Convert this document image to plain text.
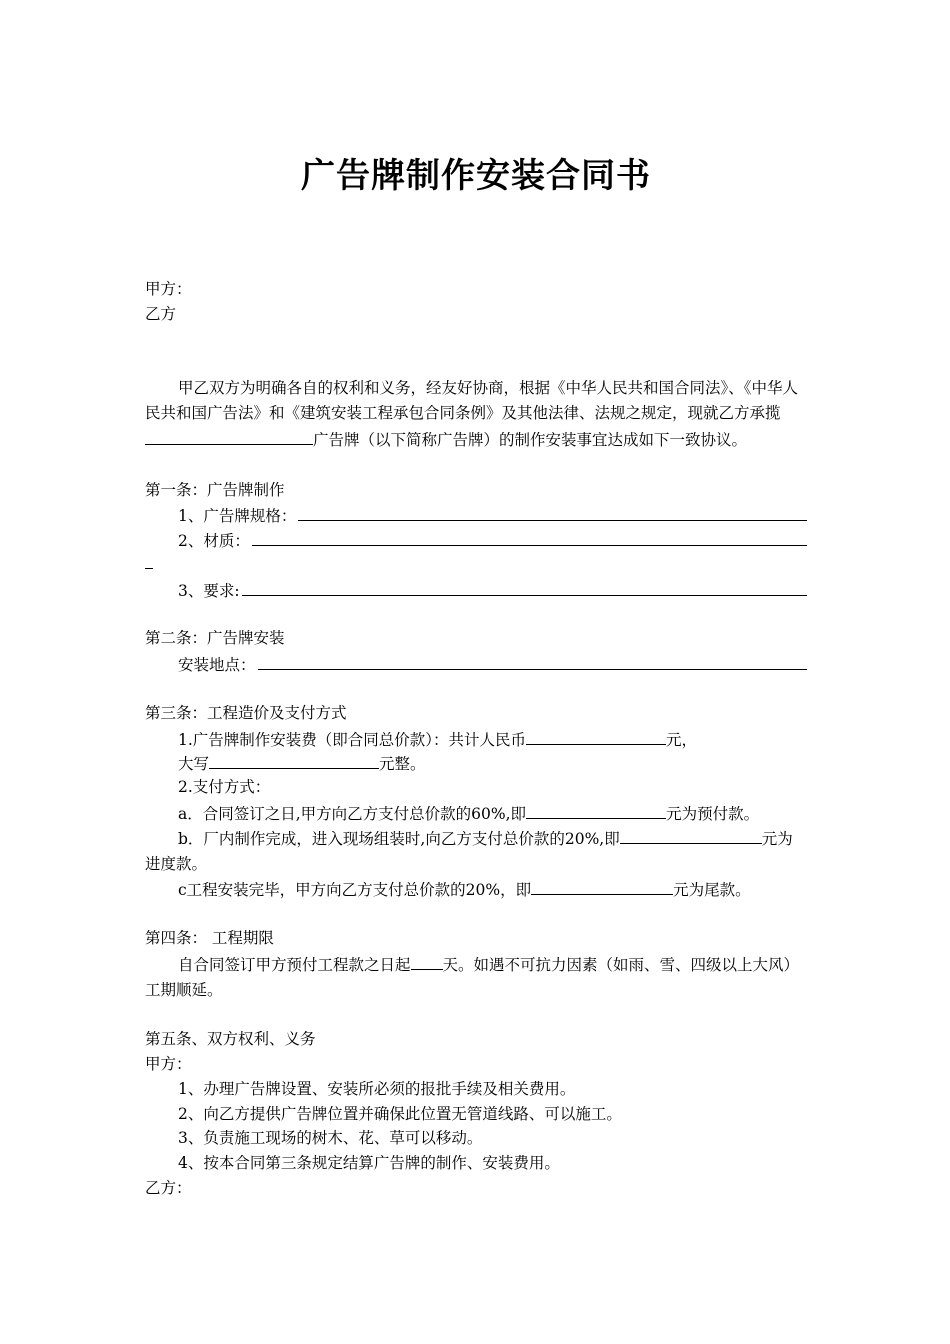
广告牌制作安装合同书
甲方：
乙方
甲乙双方为明确各自的权利和义务，经友好协商，根据《中华人民共和国合同法》、《中华人民共和国广告法》和《建筑安装工程承包合同条例》及其他法律、法规之规定，现就乙方承揽广告牌（以下简称广告牌）的制作安装事宜达成如下一致协议。
第一条：广告牌制作
1、广告牌规格：
2、材质：
3、要求:
第二条：广告牌安装
安装地点：
第三条：工程造价及支付方式
1.广告牌制作安装费（即合同总价款）：共计人民币	元，
大写	元整。
2.支付方式：
a．合同签订之日,甲方向乙方支付总价款的60%,即	元为预付款。
b．厂内制作完成，进入现场组装时,向乙方支付总价款的20%,即	元为进度款。
c工程安装完毕，甲方向乙方支付总价款的20%，即	元为尾款。
第四条： 工程期限
自合同签订甲方预付工程款之日起 天。如遇不可抗力因素（如雨、雪、四级以上大风）工期顺延。
第五条、双方权利、义务
甲方：
1、办理广告牌设置、安装所必须的报批手续及相关费用。
2、向乙方提供广告牌位置并确保此位置无管道线路、可以施工。
3、负责施工现场的树木、花、草可以移动。
4、按本合同第三条规定结算广告牌的制作、安装费用。
乙方：
